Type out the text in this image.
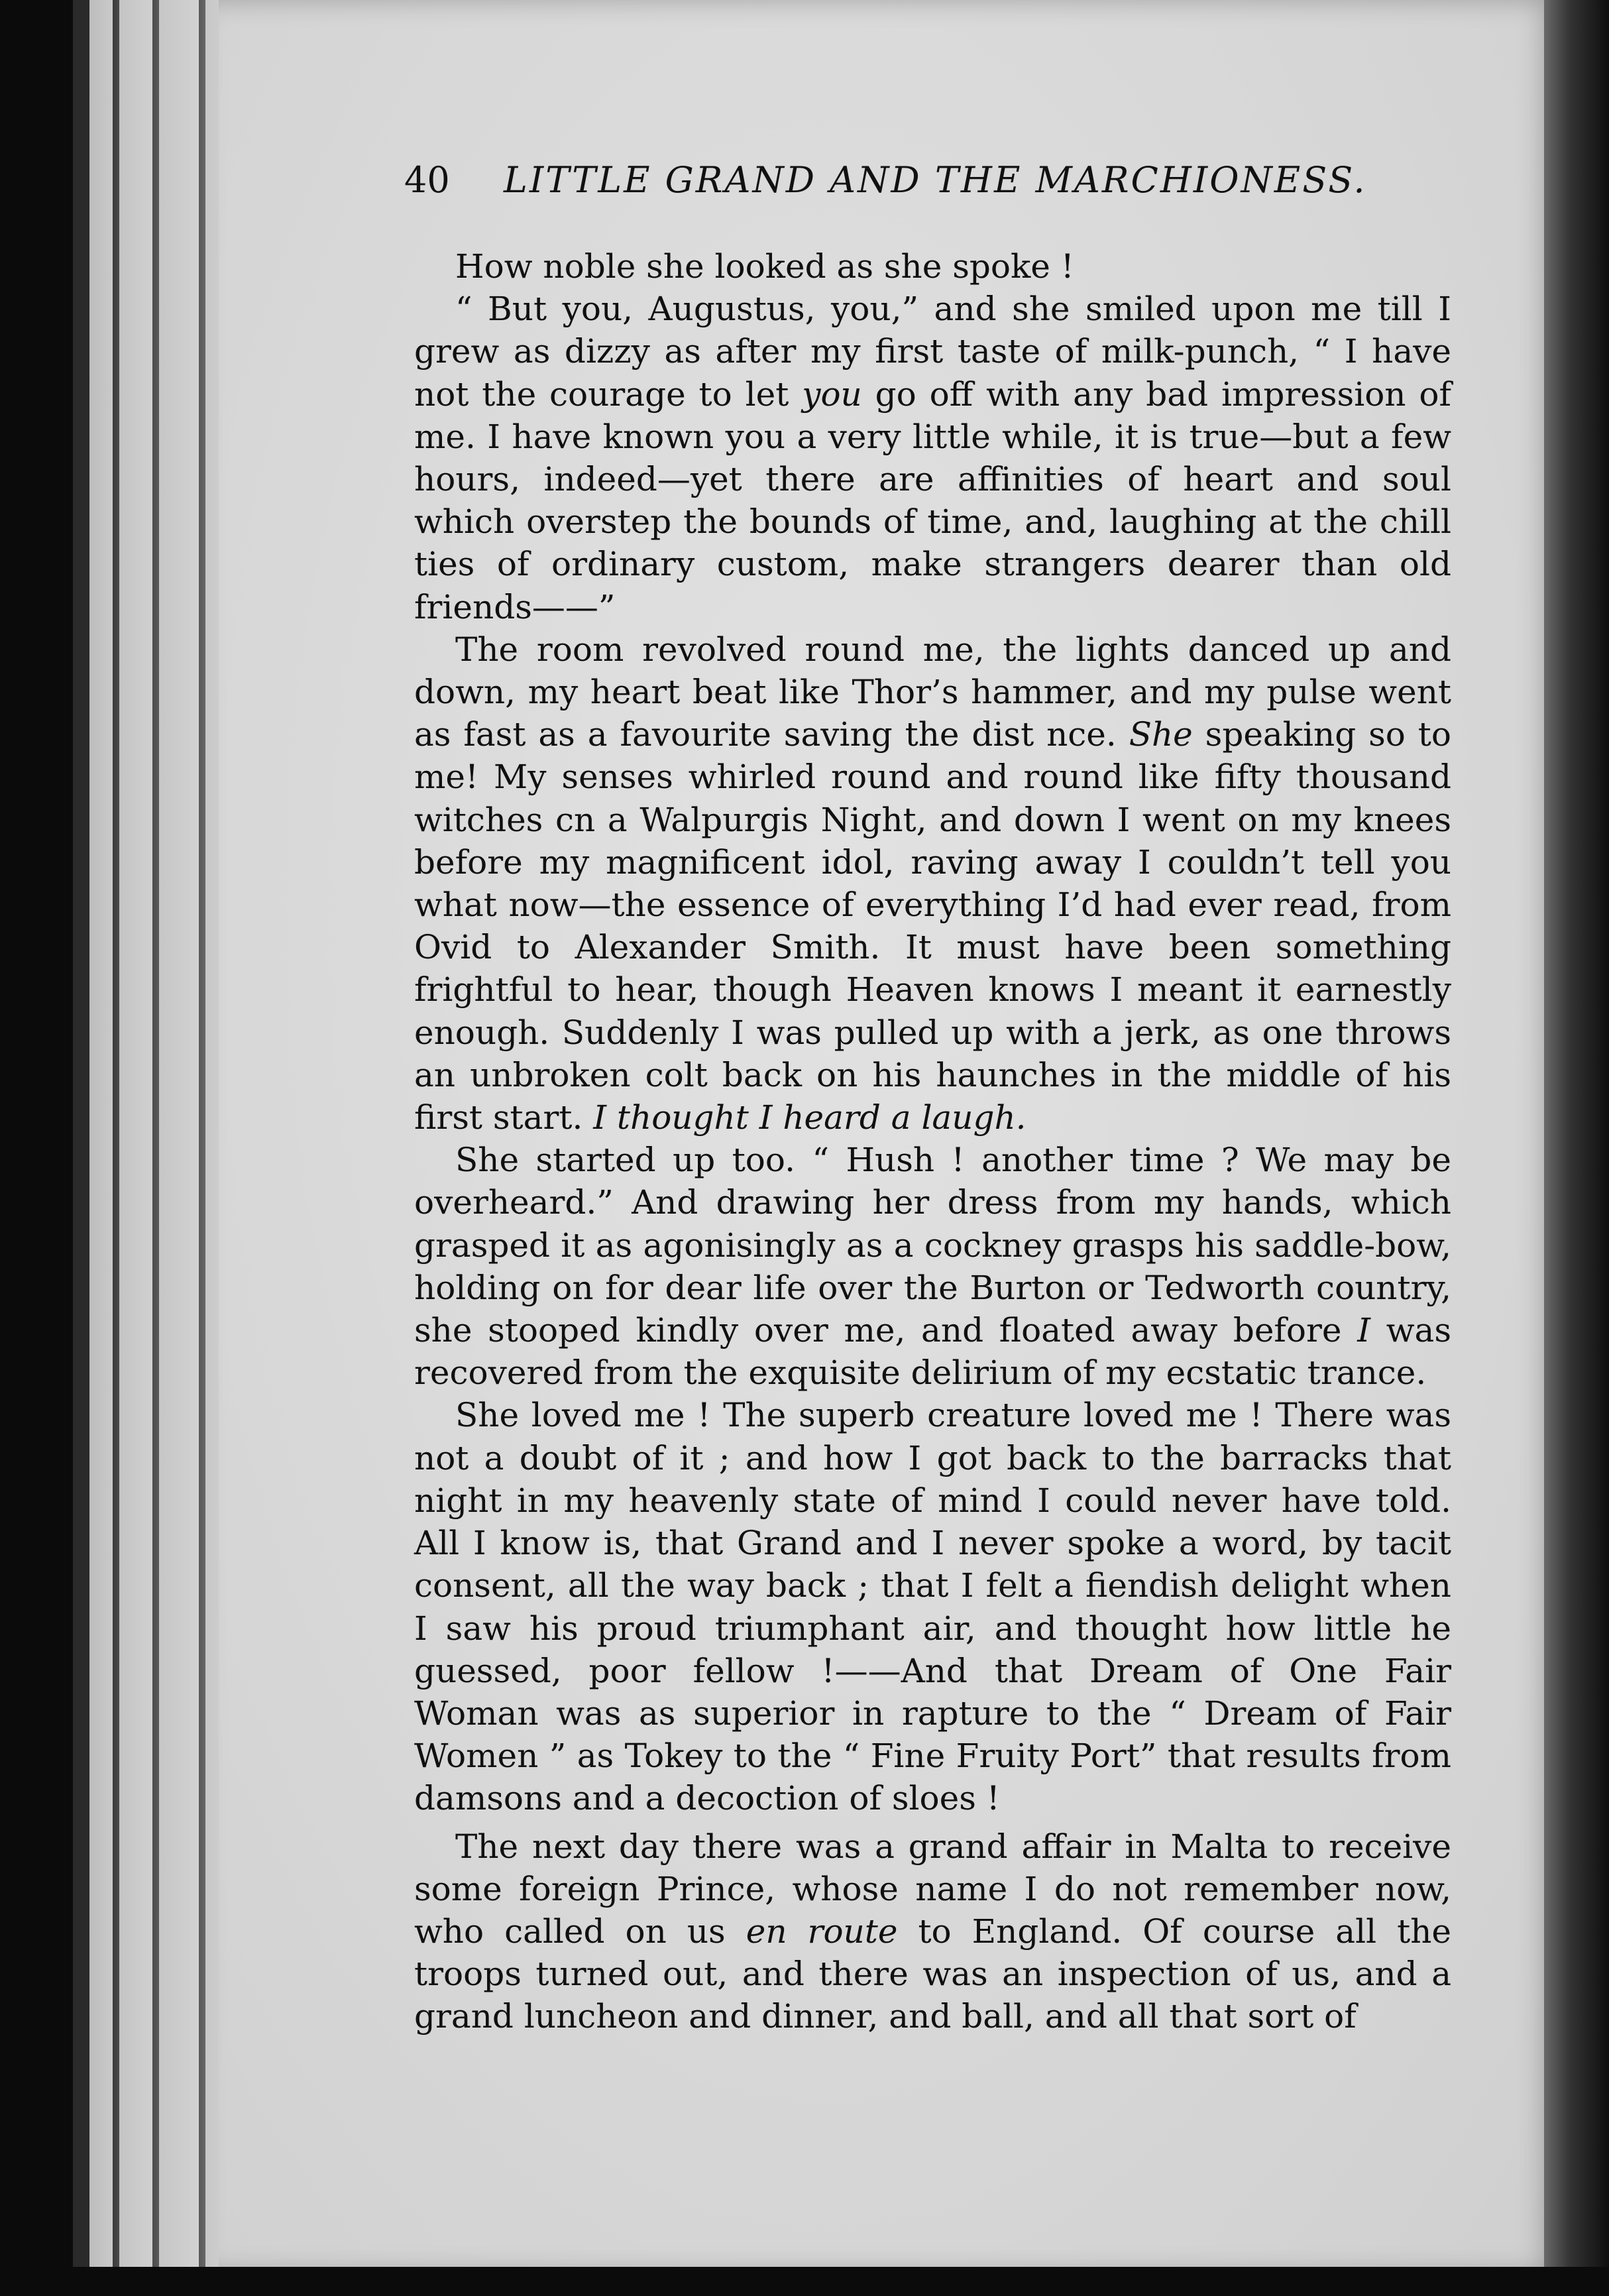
40 LITTLE GRAND AND THE MARCHIONESS.

How noble she looked as she spoke !

“ But you, Augustus, you,” and she smiled upon me till I grew as dizzy as after my first taste of milk-punch, “ I have not the courage to let you go off with any bad impression of me. I have known you a very little while, it is true—but a few hours, indeed—yet there are affinities of heart and soul which overstep the bounds of time, and, laughing at the chill ties of ordinary custom, make strangers dearer than old friends——”

The room revolved round me, the lights danced up and down, my heart beat like Thor’s hammer, and my pulse went as fast as a favourite saving the dist nce. She speaking so to me! My senses whirled round and round like fifty thousand witches cn a Walpurgis Night, and down I went on my knees before my magnificent idol, raving away I couldn’t tell you what now—the essence of everything I’d had ever read, from Ovid to Alexander Smith. It must have been something frightful to hear, though Heaven knows I meant it earnestly enough. Suddenly I was pulled up with a jerk, as one throws an unbroken colt back on his haunches in the middle of his first start. I thought I heard a laugh.

She started up too. “ Hush ! another time ? We may be overheard.” And drawing her dress from my hands, which grasped it as agonisingly as a cockney grasps his saddle-bow, holding on for dear life over the Burton or Tedworth country, she stooped kindly over me, and floated away before I was recovered from the exquisite delirium of my ecstatic trance.

She loved me ! The superb creature loved me ! There was not a doubt of it ; and how I got back to the barracks that night in my heavenly state of mind I could never have told. All I know is, that Grand and I never spoke a word, by tacit consent, all the way back ; that I felt a fiendish delight when I saw his proud triumphant air, and thought how little he guessed, poor fellow !——And that Dream of One Fair Woman was as superior in rapture to the “ Dream of Fair Women ” as Tokey to the “ Fine Fruity Port” that results from damsons and a decoction of sloes !

The next day there was a grand affair in Malta to receive some foreign Prince, whose name I do not remember now, who called on us en route to England. Of course all the troops turned out, and there was an inspection of us, and a grand luncheon and dinner, and ball, and all that sort of
